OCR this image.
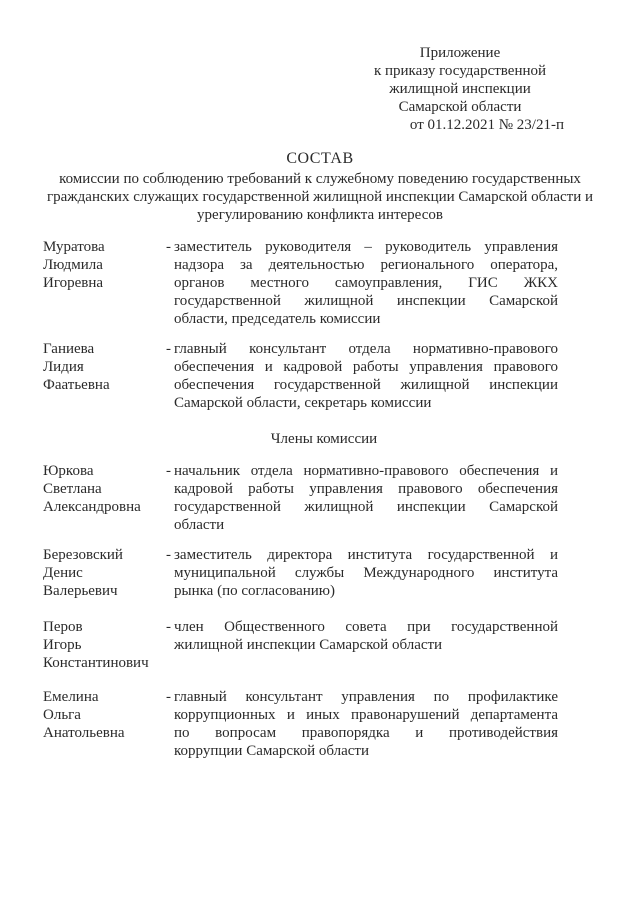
Приложение
к приказу государственной
жилищной инспекции
Самарской области
от 01.12.2021 № 23/21-п
СОСТАВ
комиссии по соблюдению требований к служебному поведению государственных
гражданских служащих государственной жилищной инспекции Самарской области и
урегулированию конфликта интересов
Муратова
Людмила
Игоревна
- заместитель руководителя – руководитель управления
надзора за деятельностью регионального оператора,
органов местного самоуправления, ГИС ЖКХ
государственной жилищной инспекции Самарской
области, председатель комиссии
Ганиева
Лидия
Фаатьевна
- главный консультант отдела нормативно-правового
обеспечения и кадровой работы управления правового
обеспечения государственной жилищной инспекции
Самарской области, секретарь комиссии
Члены комиссии
Юркова
Светлана
Александровна
- начальник отдела нормативно-правового обеспечения и
кадровой работы управления правового обеспечения
государственной жилищной инспекции Самарской
области
Березовский
Денис
Валерьевич
- заместитель директора института государственной и
муниципальной службы Международного института
рынка (по согласованию)
Перов
Игорь
Константинович
- член Общественного совета при государственной
жилищной инспекции Самарской области
Емелина
Ольга
Анатольевна
- главный консультант управления по профилактике
коррупционных и иных правонарушений департамента
по вопросам правопорядка и противодействия
коррупции Самарской области
